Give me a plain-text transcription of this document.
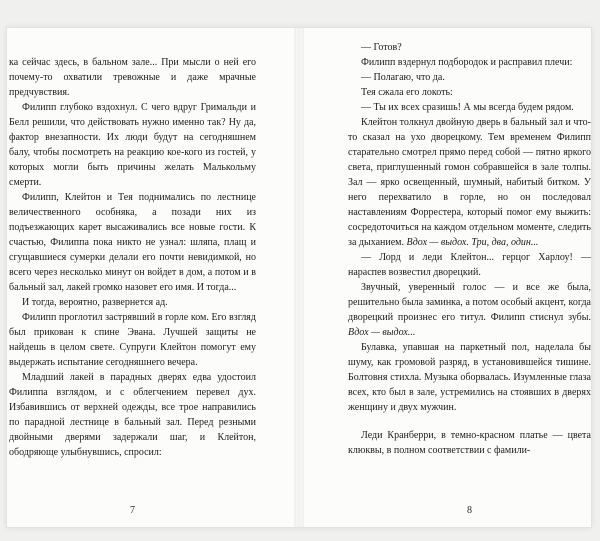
ка сейчас здесь, в бальном зале... При мысли о ней его почему-то охватили тревожные и даже мрачные предчувствия.

Филипп глубоко вздохнул. С чего вдруг Гримальди и Белл решили, что действовать нужно именно так? Ну да, фактор внезапности. Их люди будут на сегодняшнем балу, чтобы посмотреть на реакцию кое-кого из гостей, у которых могли быть причины желать Малькольму смерти.

Филипп, Клейтон и Тея поднимались по лестнице величественного особняка, а позади них из подъезжающих карет высаживались все новые гости. К счастью, Филиппа пока никто не узнал: шляпа, плащ и сгущавшиеся сумерки делали его почти невидимкой, но всего через несколько минут он войдет в дом, а потом и в бальный зал, лакей громко назовет его имя. И тогда...

И тогда, вероятно, развернется ад.

Филипп проглотил застрявший в горле ком. Его взгляд был прикован к спине Эвана. Лучшей защиты не найдешь в целом свете. Супруги Клейтон помогут ему выдержать испытание сегодняшнего вечера.

Младший лакей в парадных дверях едва удостоил Филиппа взглядом, и с облегчением перевел дух. Избавившись от верхней одежды, все трое направились по парадной лестнице в бальный зал. Перед резными двойными дверями задержали шаг, и Клейтон, ободряюще улыбнувшись, спросил:

7

— Готов?

Филипп вздернул подбородок и расправил плечи:

— Полагаю, что да.

Тея сжала его локоть:

— Ты их всех сразишь! А мы всегда будем рядом.

Клейтон толкнул двойную дверь в бальный зал и что-то сказал на ухо дворецкому. Тем временем Филипп старательно смотрел прямо перед собой — пятно яркого света, приглушенный гомон собравшейся в зале толпы. Зал — ярко освещенный, шумный, набитый битком. У него перехватило в горле, но он последовал наставлениям Форрестера, который помог ему выжить: сосредоточиться на каждом отдельном моменте, следить за дыханием. Вдох — выдох. Три, два, один...

— Лорд и леди Клейтон... герцог Харлоу! — нараспев возвестил дворецкий.

Звучный, уверенный голос — и все же была, решительно была заминка, а потом особый акцент, когда дворецкий произнес его титул. Филипп стиснул зубы. Вдох — выдох...

Булавка, упавшая на паркетный пол, наделала бы шуму, как громовой разряд, в установившейся тишине. Болтовня стихла. Музыка оборвалась. Изумленные глаза всех, кто был в зале, устремились на стоявших в дверях женщину и двух мужчин.

Леди Кранберри, в темно-красном платье — цвета клюквы, в полном соответствии с фамили-

8
